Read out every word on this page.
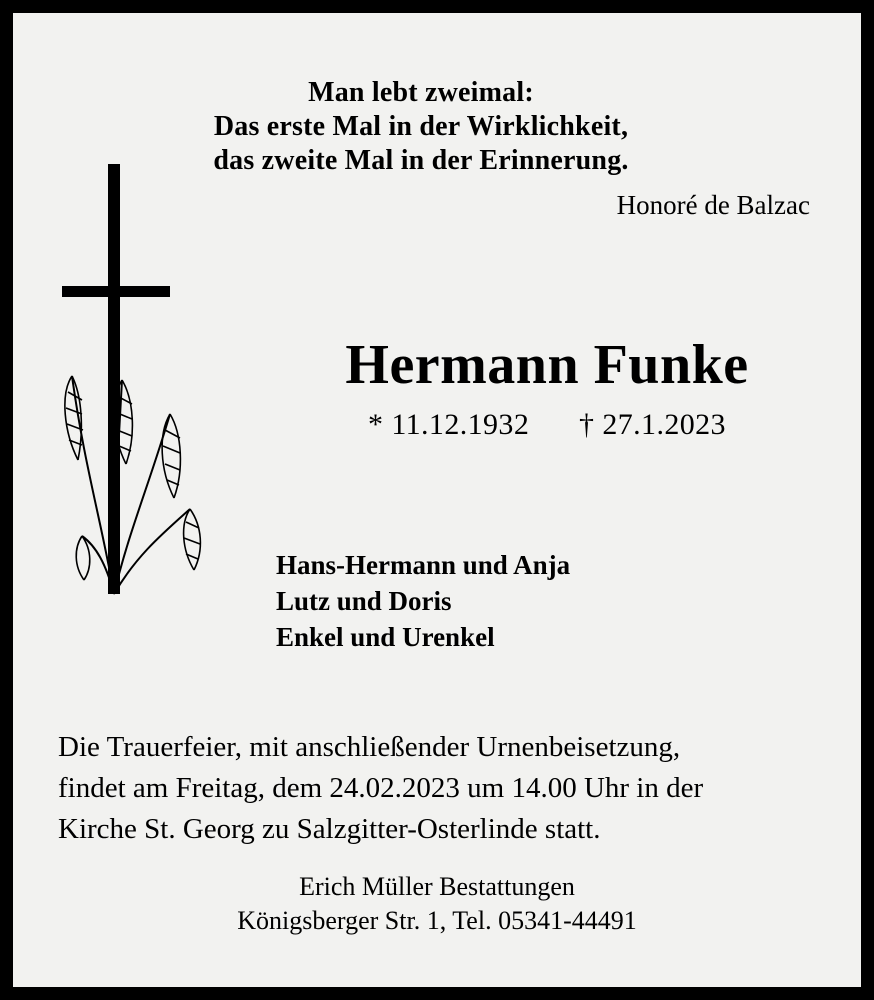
Man lebt zweimal:
Das erste Mal in der Wirklichkeit,
das zweite Mal in der Erinnerung.
Honoré de Balzac
Hermann Funke
* 11.12.1932 † 27.1.2023
Hans-Hermann und Anja
Lutz und Doris
Enkel und Urenkel
Die Trauerfeier, mit anschließender Urnenbeisetzung,
findet am Freitag, dem 24.02.2023 um 14.00 Uhr in der
Kirche St. Georg zu Salzgitter-Osterlinde statt.
Erich Müller Bestattungen
Königsberger Str. 1, Tel. 05341-44491
